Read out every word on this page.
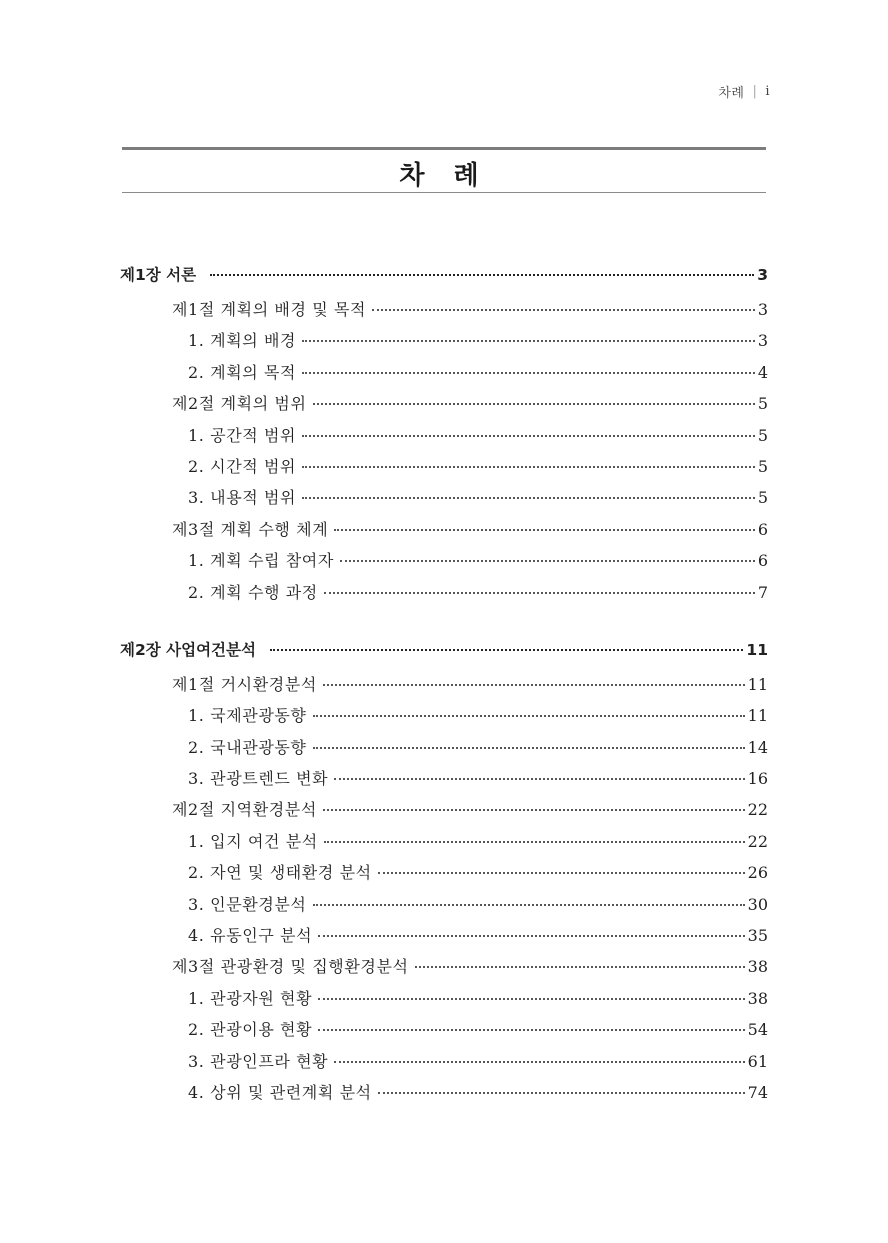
차례 | i
차 례
제1장 서론	3
제1절 계획의 배경 및 목적	3
1. 계획의 배경	3
2. 계획의 목적	4
제2절 계획의 범위	5
1. 공간적 범위	5
2. 시간적 범위	5
3. 내용적 범위	5
제3절 계획 수행 체계	6
1. 계획 수립 참여자	6
2. 계획 수행 과정	7
제2장 사업여건분석	11
제1절 거시환경분석	11
1. 국제관광동향	11
2. 국내관광동향	14
3. 관광트렌드 변화	16
제2절 지역환경분석	22
1. 입지 여건 분석	22
2. 자연 및 생태환경 분석	26
3. 인문환경분석	30
4. 유동인구 분석	35
제3절 관광환경 및 집행환경분석	38
1. 관광자원 현황	38
2. 관광이용 현황	54
3. 관광인프라 현황	61
4. 상위 및 관련계획 분석	74
